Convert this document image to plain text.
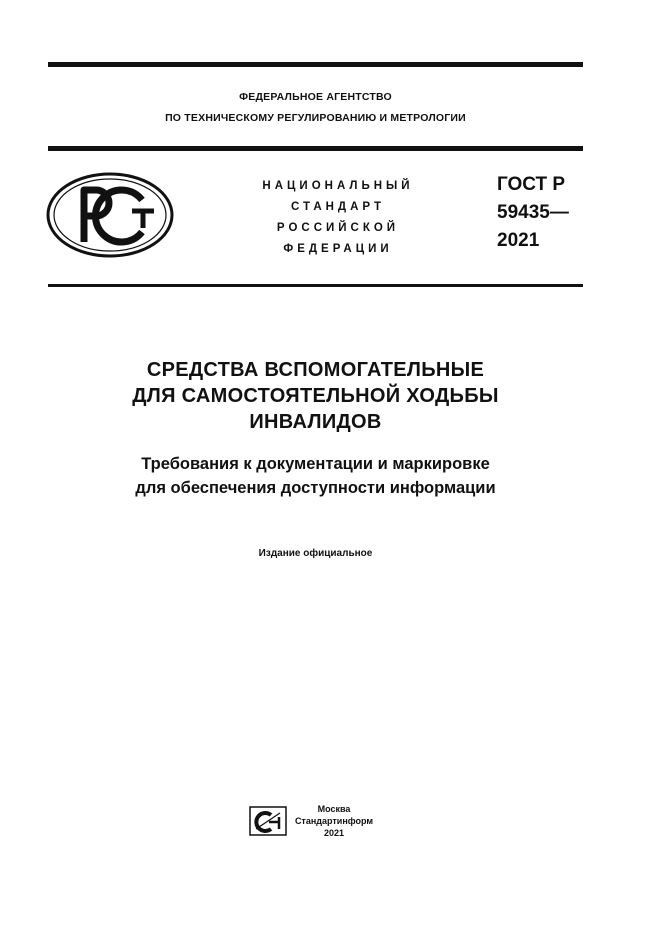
ФЕДЕРАЛЬНОЕ АГЕНТСТВО
ПО ТЕХНИЧЕСКОМУ РЕГУЛИРОВАНИЮ И МЕТРОЛОГИИ
НАЦИОНАЛЬНЫЙ
СТАНДАРТ
РОССИЙСКОЙ
ФЕДЕРАЦИИ
ГОСТ Р
59435—
2021
СРЕДСТВА ВСПОМОГАТЕЛЬНЫЕ
ДЛЯ САМОСТОЯТЕЛЬНОЙ ХОДЬБЫ
ИНВАЛИДОВ
Требования к документации и маркировке
для обеспечения доступности информации
Издание официальное
Москва
Стандартинформ
2021
